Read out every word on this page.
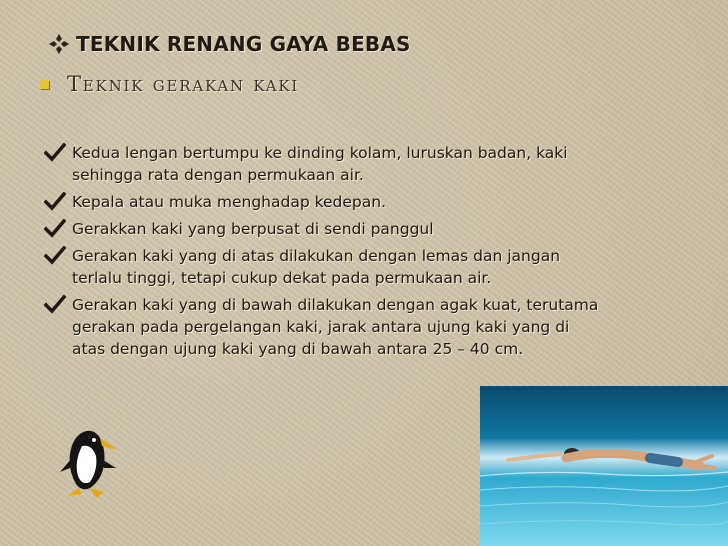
TEKNIK RENANG GAYA BEBAS
Teknik gerakan kaki
Kedua lengan bertumpu ke dinding kolam, luruskan badan, kaki
sehingga rata dengan permukaan air.
Kepala atau muka menghadap kedepan.
Gerakkan kaki yang berpusat di sendi panggul
Gerakan kaki yang di atas dilakukan dengan lemas dan jangan
terlalu tinggi, tetapi cukup dekat pada permukaan air.
Gerakan kaki yang di bawah dilakukan dengan agak kuat, terutama
gerakan pada pergelangan kaki, jarak antara ujung kaki yang di
atas dengan ujung kaki yang di bawah antara 25 – 40 cm.
